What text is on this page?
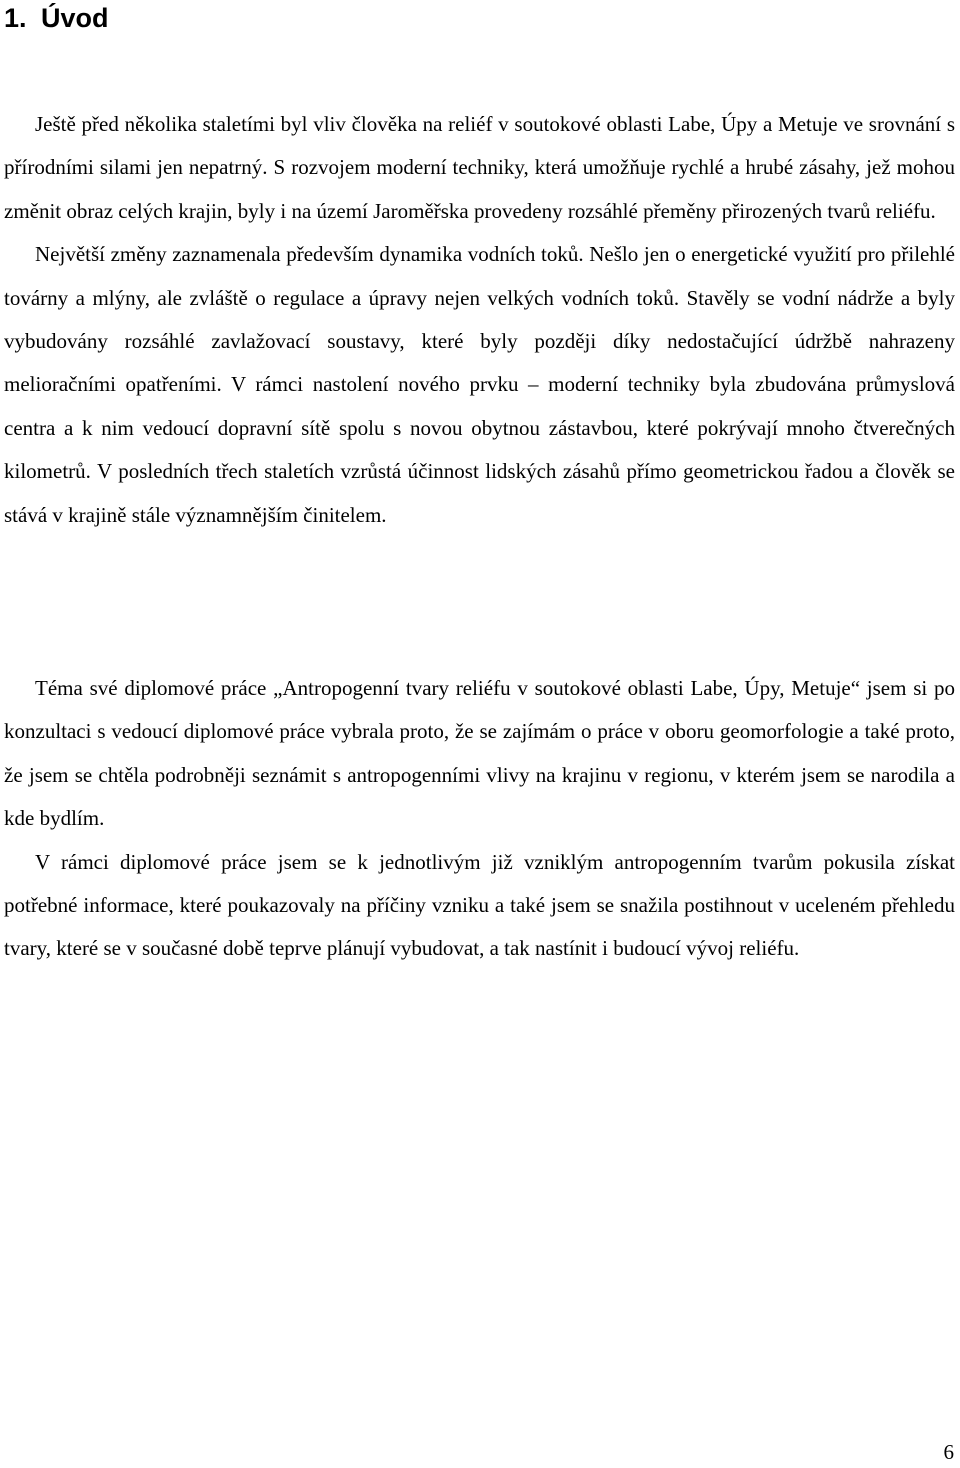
1. Úvod

Ještě před několika staletími byl vliv člověka na reliéf v soutokové oblasti Labe, Úpy a Metuje ve srovnání s přírodními silami jen nepatrný. S rozvojem moderní techniky, která umožňuje rychlé a hrubé zásahy, jež mohou změnit obraz celých krajin, byly i na území Jaroměřska provedeny rozsáhlé přeměny přirozených tvarů reliéfu.

Největší změny zaznamenala především dynamika vodních toků. Nešlo jen o energetické využití pro přilehlé továrny a mlýny, ale zvláště o regulace a úpravy nejen velkých vodních toků. Stavěly se vodní nádrže a byly vybudovány rozsáhlé zavlažovací soustavy, které byly později díky nedostačující údržbě nahrazeny melioračními opatřeními. V rámci nastolení nového prvku – moderní techniky byla zbudována průmyslová centra a k nim vedoucí dopravní sítě spolu s novou obytnou zástavbou, které pokrývají mnoho čtverečných kilometrů. V posledních třech staletích vzrůstá účinnost lidských zásahů přímo geometrickou řadou a člověk se stává v krajině stále významnějším činitelem.

Téma své diplomové práce „Antropogenní tvary reliéfu v soutokové oblasti Labe, Úpy, Metuje“ jsem si po konzultaci s vedoucí diplomové práce vybrala proto, že se zajímám o práce v oboru geomorfologie a také proto, že jsem se chtěla podrobněji seznámit s antropogenními vlivy na krajinu v regionu, v kterém jsem se narodila a kde bydlím.

V rámci diplomové práce jsem se k jednotlivým již vzniklým antropogenním tvarům pokusila získat potřebné informace, které poukazovaly na příčiny vzniku a také jsem se snažila postihnout v uceleném přehledu tvary, které se v současné době teprve plánují vybudovat, a tak nastínit i budoucí vývoj reliéfu.

6
